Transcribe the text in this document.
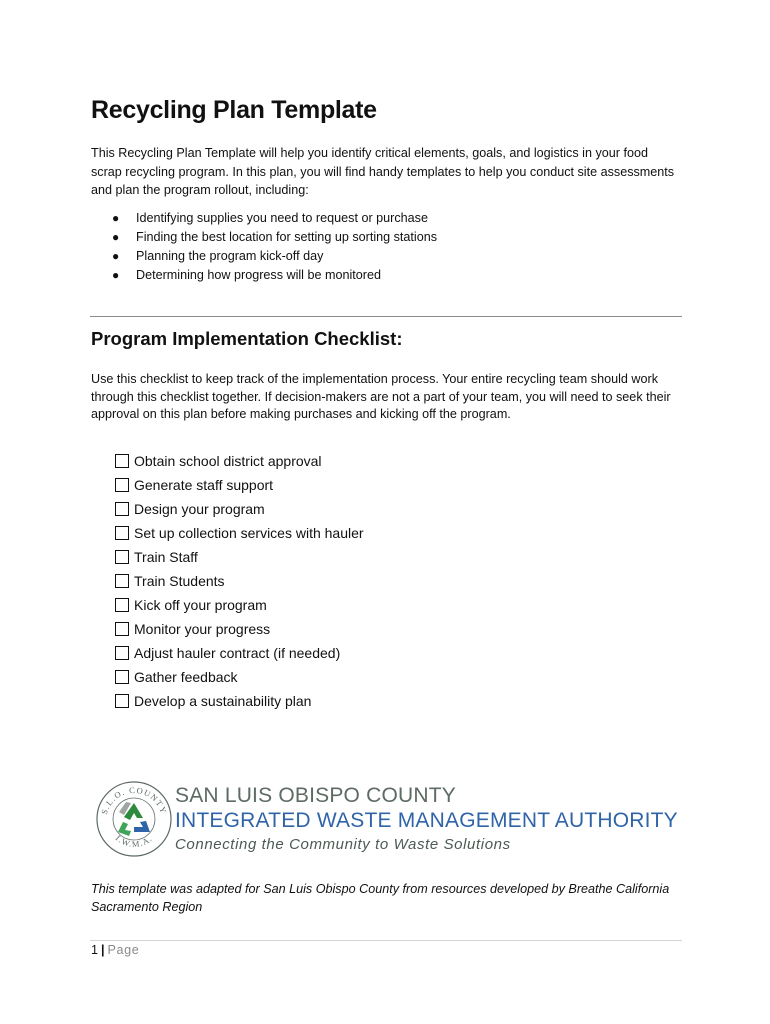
Recycling Plan Template
This Recycling Plan Template will help you identify critical elements, goals, and logistics in your food scrap recycling program. In this plan, you will find handy templates to help you conduct site assessments and plan the program rollout, including:
● Identifying supplies you need to request or purchase
● Finding the best location for setting up sorting stations
● Planning the program kick-off day
● Determining how progress will be monitored
Program Implementation Checklist:
Use this checklist to keep track of the implementation process. Your entire recycling team should work through this checklist together. If decision-makers are not a part of your team, you will need to seek their approval on this plan before making purchases and kicking off the program.
Obtain school district approval
Generate staff support
Design your program
Set up collection services with hauler
Train Staff
Train Students
Kick off your program
Monitor your progress
Adjust hauler contract (if needed)
Gather feedback
Develop a sustainability plan
S.L.O. COUNTY
I.W.M.A.
SAN LUIS OBISPO COUNTY
INTEGRATED WASTE MANAGEMENT AUTHORITY
Connecting the Community to Waste Solutions
This template was adapted for San Luis Obispo County from resources developed by Breathe California Sacramento Region
1 | Page
